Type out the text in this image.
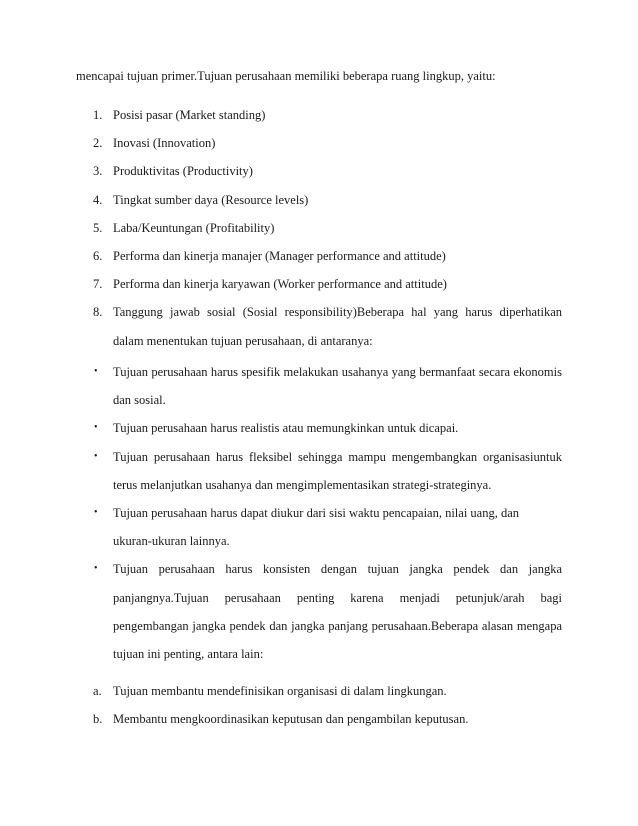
mencapai tujuan primer.Tujuan perusahaan memiliki beberapa ruang lingkup, yaitu:
1. Posisi pasar (Market standing)
2. Inovasi (Innovation)
3. Produktivitas (Productivity)
4. Tingkat sumber daya (Resource levels)
5. Laba/Keuntungan (Profitability)
6. Performa dan kinerja manajer (Manager performance and attitude)
7. Performa dan kinerja karyawan (Worker performance and attitude)
8. Tanggung jawab sosial (Sosial responsibility)Beberapa hal yang harus diperhatikan
dalam menentukan tujuan perusahaan, di antaranya:
• Tujuan perusahaan harus spesifik melakukan usahanya yang bermanfaat secara ekonomis
dan sosial.
• Tujuan perusahaan harus realistis atau memungkinkan untuk dicapai.
• Tujuan perusahaan harus fleksibel sehingga mampu mengembangkan organisasiuntuk
terus melanjutkan usahanya dan mengimplementasikan strategi-strateginya.
• Tujuan perusahaan harus dapat diukur dari sisi waktu pencapaian, nilai uang, dan
ukuran-ukuran lainnya.
• Tujuan perusahaan harus konsisten dengan tujuan jangka pendek dan jangka
panjangnya.Tujuan perusahaan penting karena menjadi petunjuk/arah bagi
pengembangan jangka pendek dan jangka panjang perusahaan.Beberapa alasan mengapa
tujuan ini penting, antara lain:
a. Tujuan membantu mendefinisikan organisasi di dalam lingkungan.
b. Membantu mengkoordinasikan keputusan dan pengambilan keputusan.
